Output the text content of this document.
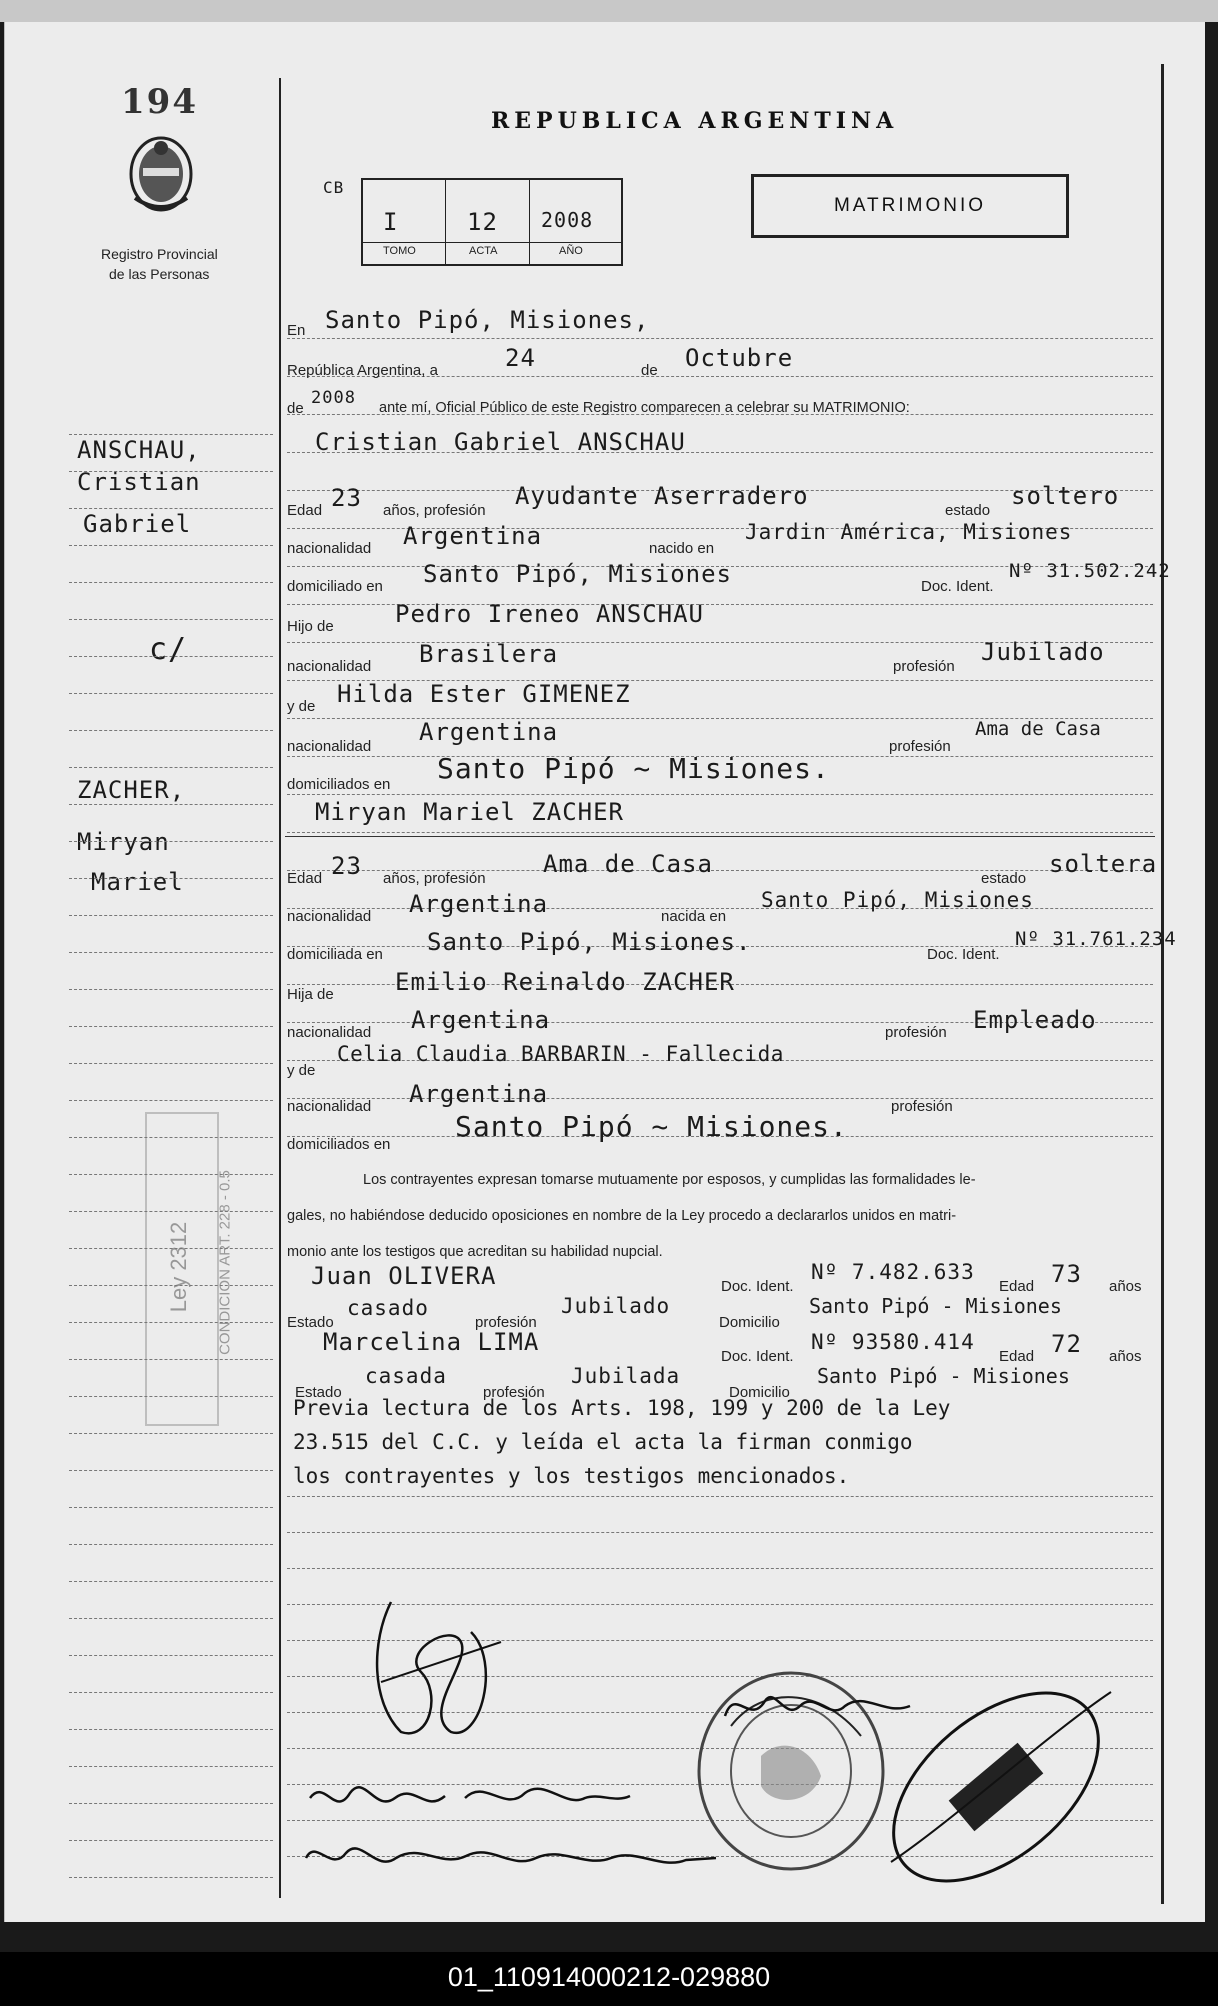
194
Registro Provincial
de las Personas
REPUBLICA ARGENTINA
CB
I	12 2008
TOMO	ACTA	AÑO
MATRIMONIO
ANSCHAU,
Cristian
Gabriel
c/
ZACHER,
Miryan
Mariel
Ley 2312 CONDICION ART. 228 - 0.5
En Santo Pipó, Misiones,
República Argentina, a	24	de Octubre
de
2008 ante mí, Oficial Público de este Registro comparecen a celebrar su MATRIMONIO:
Cristian Gabriel ANSCHAU
Edad 23 años, profesión
Ayudante Aserradero
estado
soltero
nacionalidad Argentina	nacido en
Jardin América, Misiones
domiciliado en Santo Pipó, Misiones	Doc. Ident.
Nº 31.502.242
Hijo de	Pedro Ireneo ANSCHAU
nacionalidad Brasilera	profesión
Jubilado
y de Hilda Ester GIMENEZ
nacionalidad
Argentina
profesión
Ama de Casa
domiciliados en Santo Pipó ~ Misiones.
Miryan Mariel ZACHER
Edad 23 años, profesión
Ama de Casa
estado
soltera
nacionalidad Argentina	nacida en
Santo Pipó, Misiones
domiciliada en Santo Pipó, Misiones.	Doc. Ident.
Nº 31.761.234
Hija de	Emilio Reinaldo ZACHER
nacionalidad Argentina	profesión Empleado
y de
Celia Claudia BARBARIN - Fallecida
nacionalidad Argentina	profesión
domiciliados en
Santo Pipó ~ Misiones.
Los contrayentes expresan tomarse mutuamente por esposos, y cumplidas las formalidades le-
gales, no habiéndose deducido oposiciones en nombre de la Ley procedo a declararlos unidos en matri-
monio ante los testigos que acreditan su habilidad nupcial.
Juan OLIVERA	Doc. Ident.
Nº 7.482.633
Edad 73 años
Estado
casado
profesión
Jubilado
Domicilio
Santo Pipó - Misiones
Marcelina LIMA
Doc. Ident.
Nº 93580.414
Edad 72 años
Estado
casada
profesión
Jubilada
Domicilio
Santo Pipó - Misiones
Previa lectura de los Arts. 198, 199 y 200 de la Ley
23.515 del C.C. y leída el acta la firman conmigo
los contrayentes y los testigos mencionados.
01_110914000212-029880
